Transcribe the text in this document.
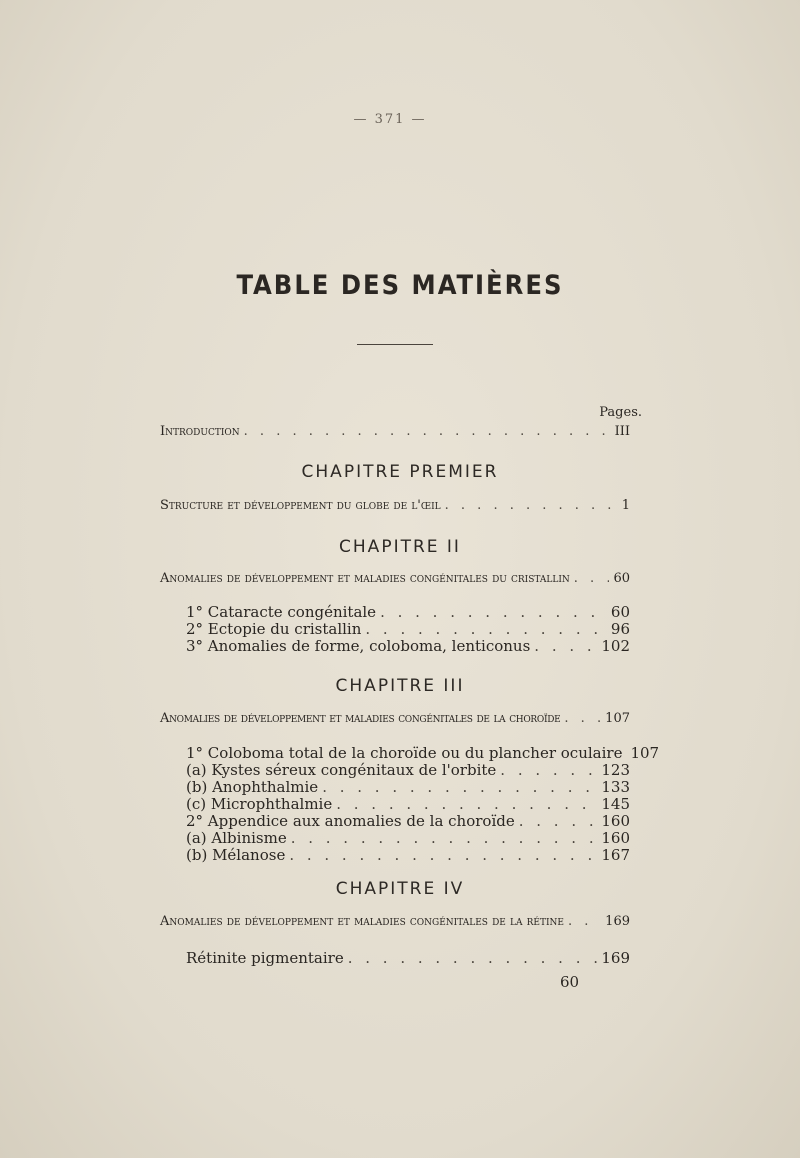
— 371 —
TABLE DES MATIÈRES
Pages.
Introduction . . .	III
CHAPITRE PREMIER
Structure et développement du globe de l'œil . . .	1
CHAPITRE II
Anomalies de développement et maladies congénitales du cristallin . . .	60
1° Cataracte congénitale . . .	60
2° Ectopie du cristallin . . .	96
3° Anomalies de forme, coloboma, lenticonus . . .	102
CHAPITRE III
Anomalies de développement et maladies congénitales de la choroïde . . .	107
1° Coloboma total de la choroïde ou du plancher oculaire 107
(a) Kystes séreux congénitaux de l'orbite . . .	123
(b) Anophthalmie . . .	133
(c) Microphthalmie . . .	145
2° Appendice aux anomalies de la choroïde . . .	160
(a) Albinisme . . .	160
(b) Mélanose . . .	167
CHAPITRE IV
Anomalies de développement et maladies congénitales de la rétine . . .	169
Rétinite pigmentaire . . .	169
60
